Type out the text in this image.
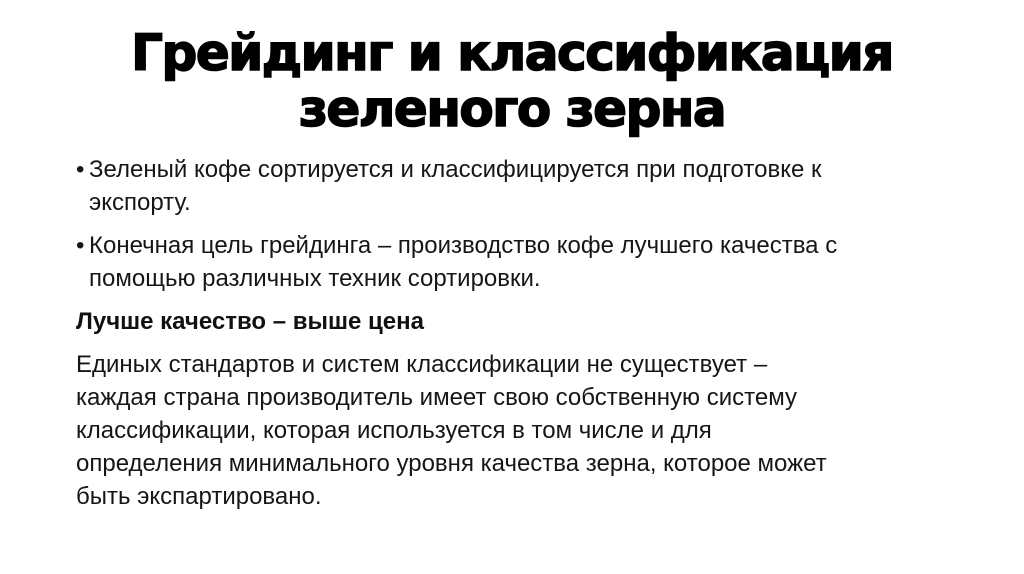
Грейдинг и классификация
зеленого зерна
• Зеленый кофе сортируется и классифицируется при подготовке к
экспорту.
• Конечная цель грейдинга – производство кофе лучшего качества с
помощью различных техник сортировки.

Лучше качество – выше цена

Единых стандартов и систем классификации не существует –
каждая страна производитель имеет свою собственную систему
классификации, которая используется в том числе и для
определения минимального уровня качества зерна, которое может
быть экспартировано.
